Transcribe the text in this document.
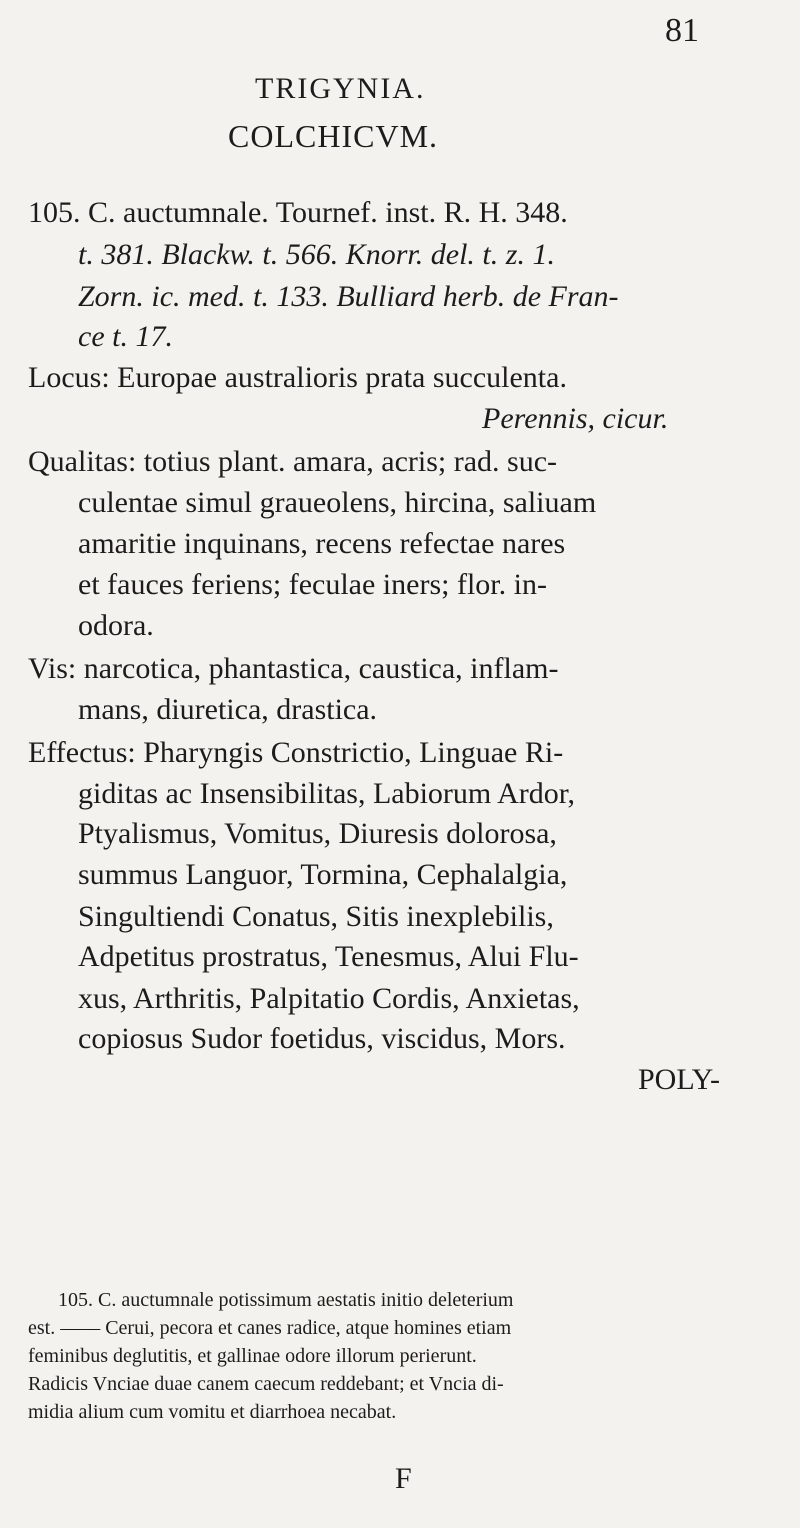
81
TRIGYNIA.
COLCHICVM.
105. C. auctumnale. Tournef. inst. R. H. 348.
t. 381. Blackw. t. 566. Knorr. del. t. z. 1.
Zorn. ic. med. t. 133. Bulliard herb. de Fran-
ce t. 17.
Locus: Europae australioris prata succulenta.
Perennis, cicur.
Qualitas: totius plant. amara, acris; rad. suc-
culentae simul graueolens, hircina, saliuam
amaritie inquinans, recens refectae nares
et fauces feriens; feculae iners; flor. in-
odora.
Vis: narcotica, phantastica, caustica, inflam-
mans, diuretica, drastica.
Effectus: Pharyngis Constrictio, Linguae Ri-
giditas ac Insensibilitas, Labiorum Ardor,
Ptyalismus, Vomitus, Diuresis dolorosa,
summus Languor, Tormina, Cephalalgia,
Singultiendi Conatus, Sitis inexplebilis,
Adpetitus prostratus, Tenesmus, Alui Flu-
xus, Arthritis, Palpitatio Cordis, Anxietas,
copiosus Sudor foetidus, viscidus, Mors.
POLY-
105. C. auctumnale potissimum aestatis initio deleterium
est. —— Cerui, pecora et canes radice, atque homines etiam
feminibus deglutitis, et gallinae odore illorum perierunt.
Radicis Vnciae duae canem caecum reddebant; et Vncia di-
midia alium cum vomitu et diarrhoea necabat.
F
